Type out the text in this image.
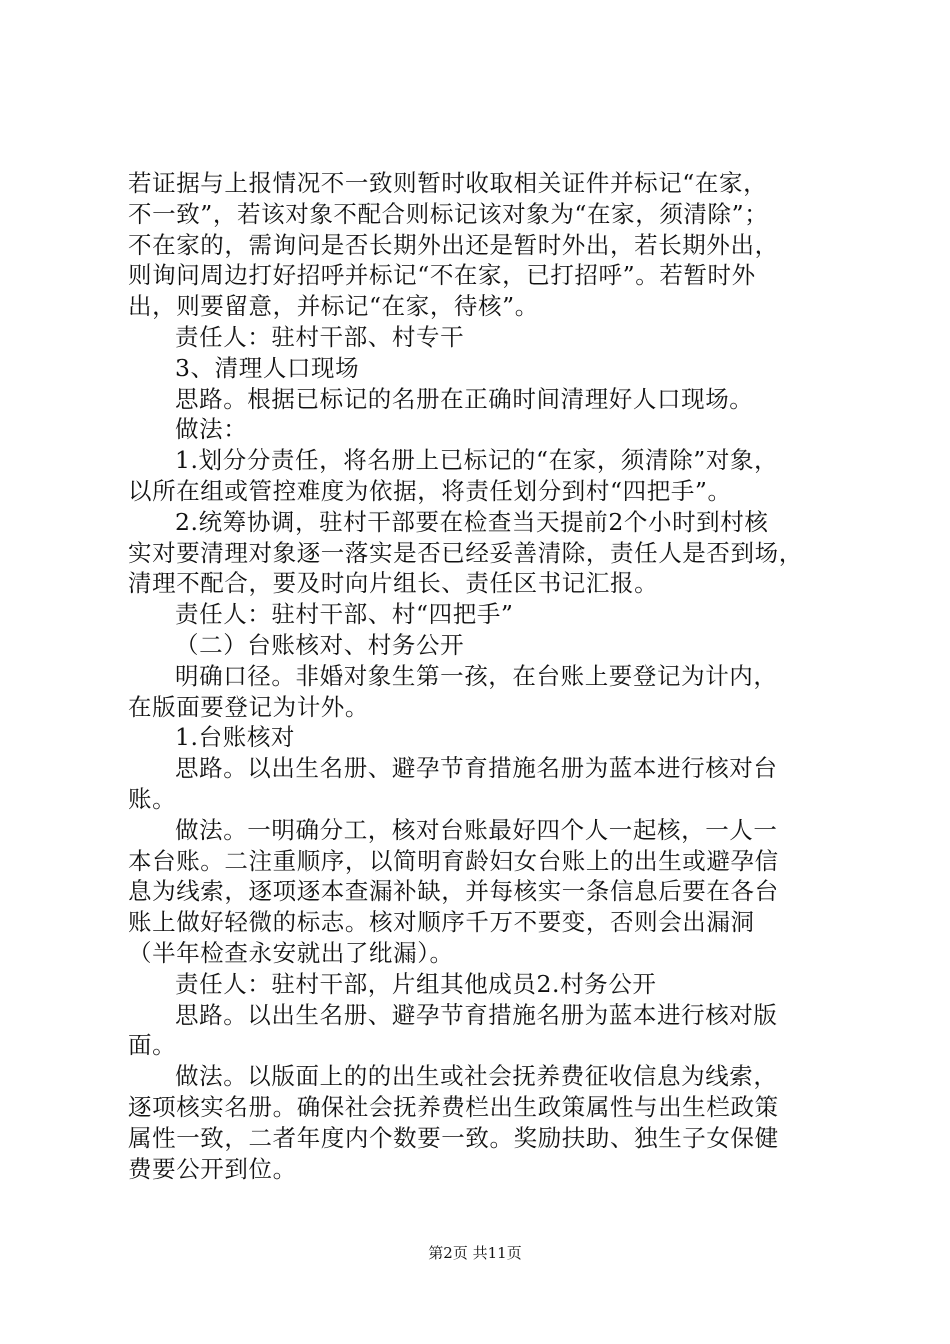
若证据与上报情况不一致则暂时收取相关证件并标记“在家，
不一致”，若该对象不配合则标记该对象为“在家，须清除”；
不在家的，需询问是否长期外出还是暂时外出，若长期外出，
则询问周边打好招呼并标记“不在家，已打招呼”。若暂时外
出，则要留意，并标记“在家，待核”。
责任人：驻村干部、村专干
3、清理人口现场
思路。根据已标记的名册在正确时间清理好人口现场。
做法：
1.划分分责任，将名册上已标记的“在家，须清除”对象，
以所在组或管控难度为依据，将责任划分到村“四把手”。
2.统筹协调，驻村干部要在检查当天提前2个小时到村核
实对要清理对象逐一落实是否已经妥善清除，责任人是否到场，
清理不配合，要及时向片组长、责任区书记汇报。
责任人：驻村干部、村“四把手”
（二）台账核对、村务公开
明确口径。非婚对象生第一孩，在台账上要登记为计内，
在版面要登记为计外。
1.台账核对
思路。以出生名册、避孕节育措施名册为蓝本进行核对台
账。
做法。一明确分工，核对台账最好四个人一起核，一人一
本台账。二注重顺序，以简明育龄妇女台账上的出生或避孕信
息为线索，逐项逐本查漏补缺，并每核实一条信息后要在各台
账上做好轻微的标志。核对顺序千万不要变，否则会出漏洞
（半年检查永安就出了纰漏）。
责任人：驻村干部，片组其他成员2.村务公开
思路。以出生名册、避孕节育措施名册为蓝本进行核对版
面。
做法。以版面上的的出生或社会抚养费征收信息为线索，
逐项核实名册。确保社会抚养费栏出生政策属性与出生栏政策
属性一致，二者年度内个数要一致。奖励扶助、独生子女保健
费要公开到位。
第2页 共11页
